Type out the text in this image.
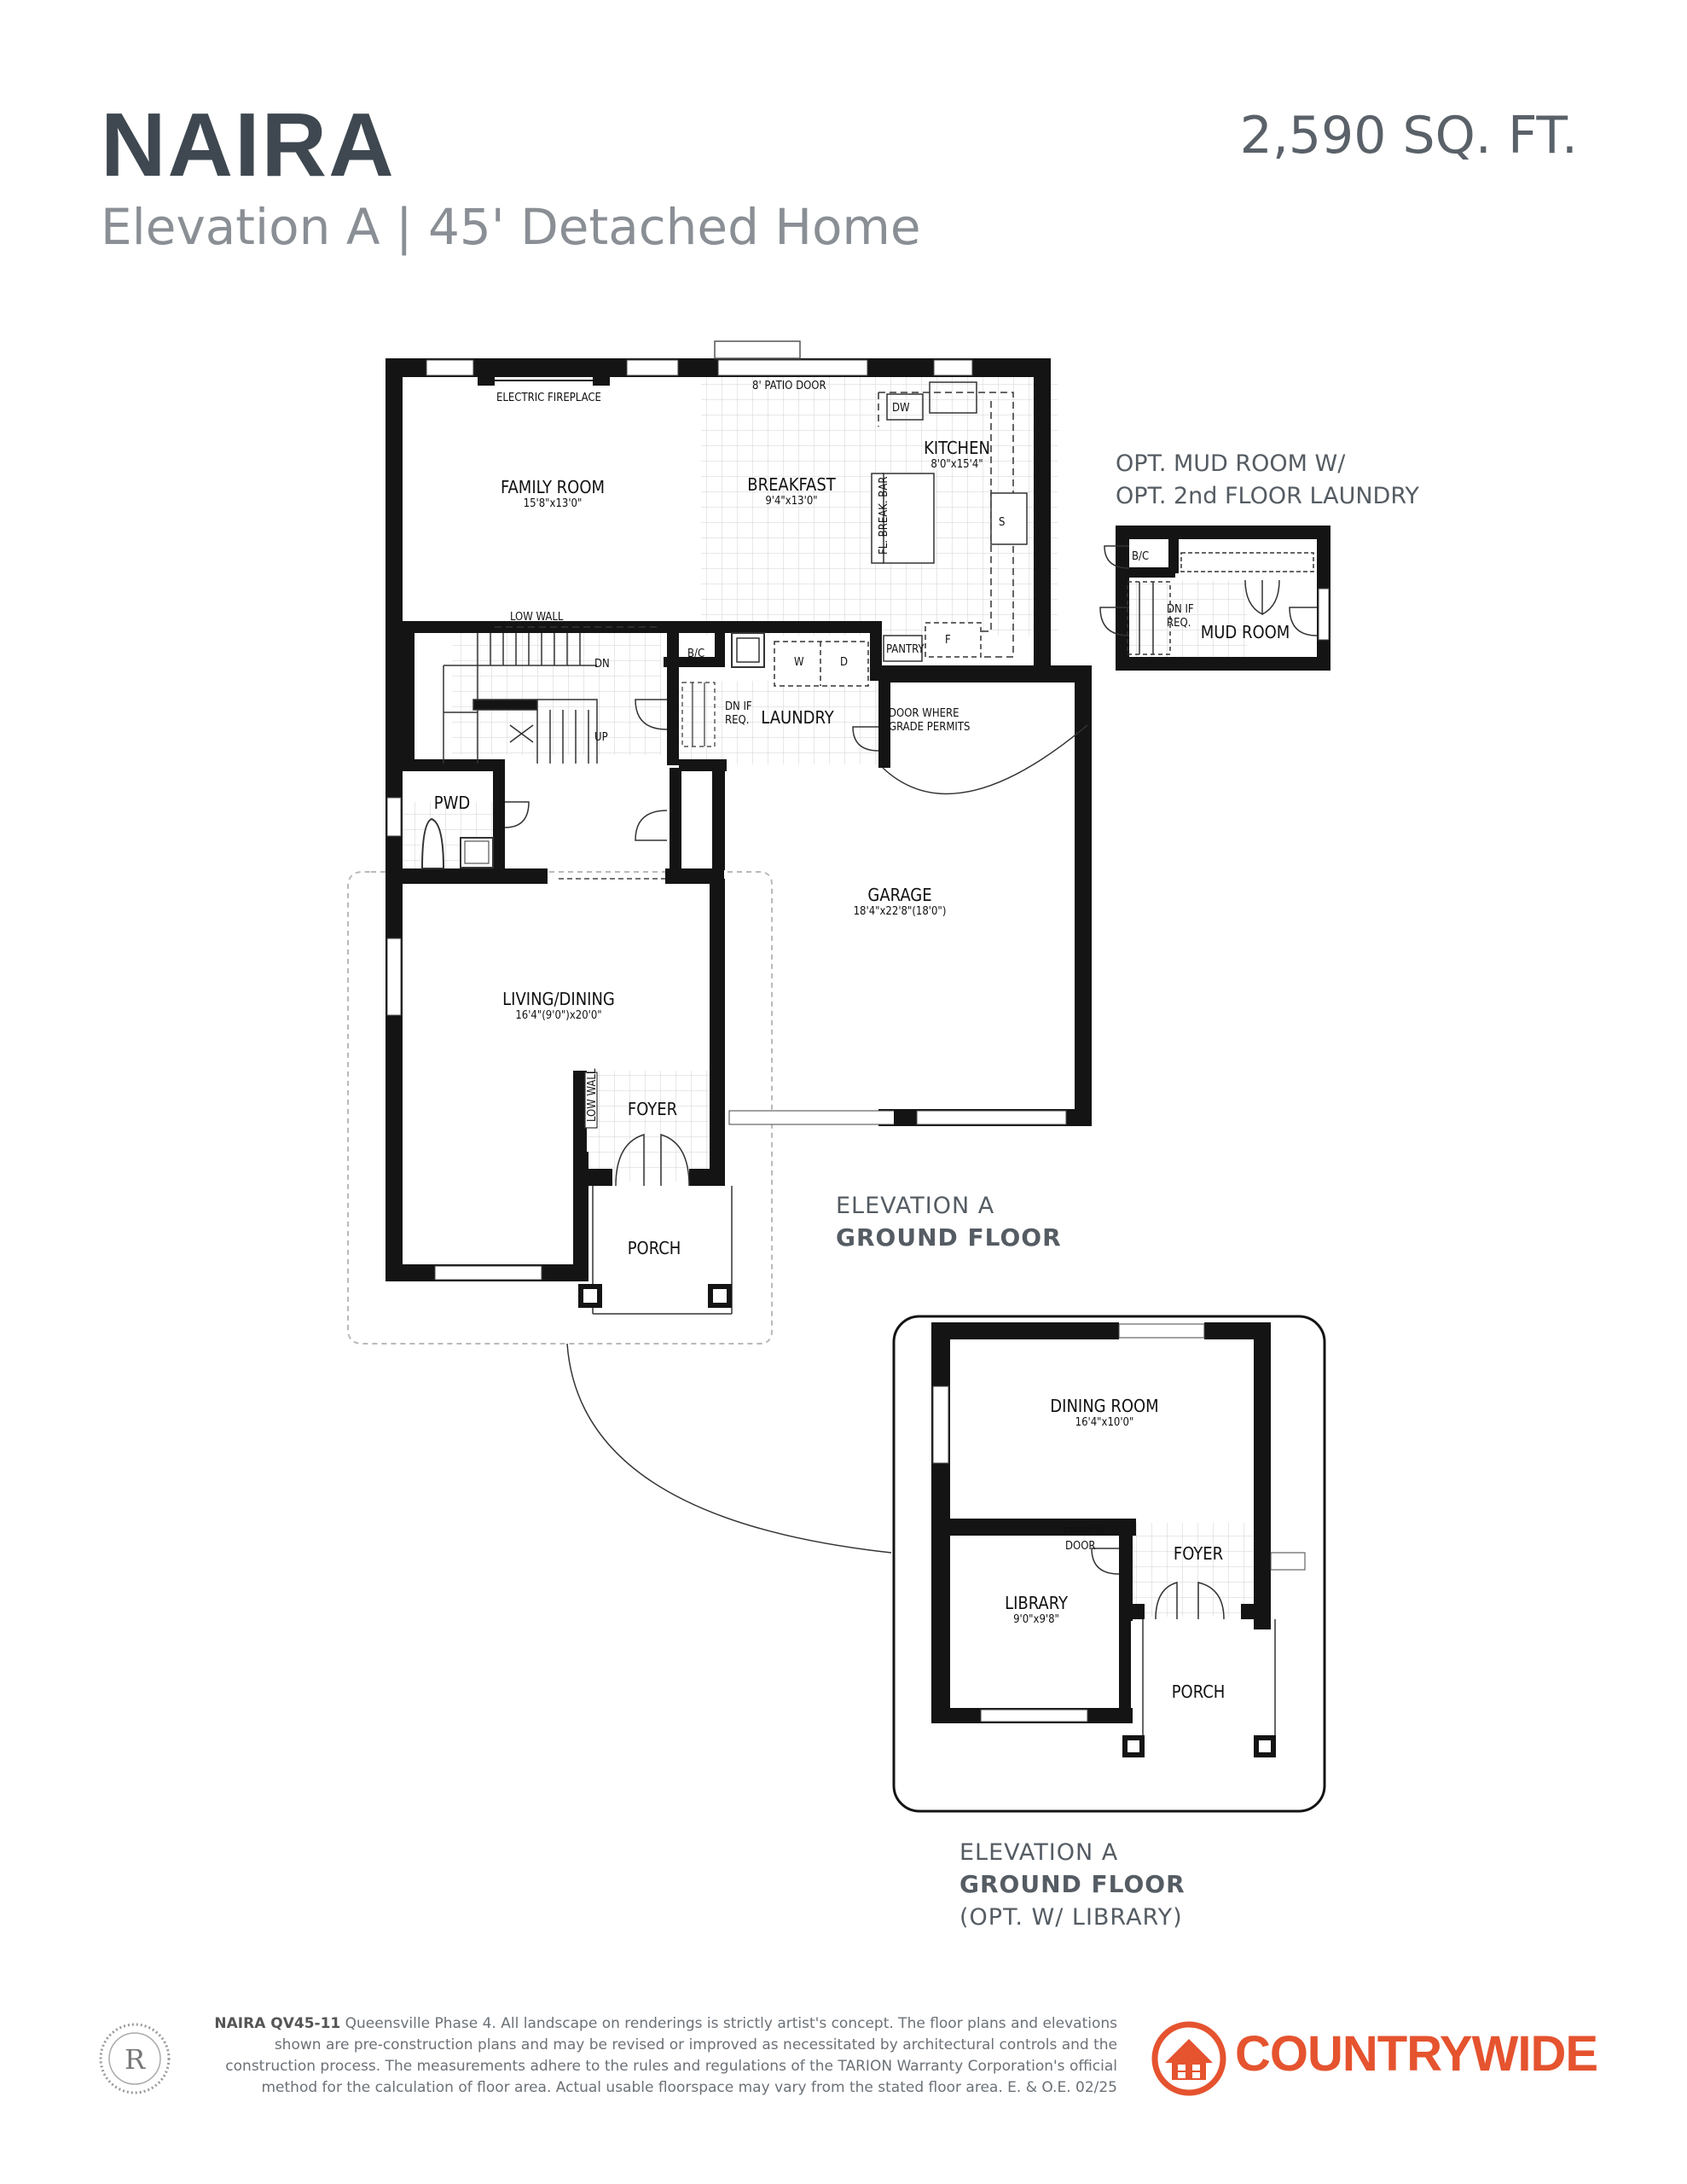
NAIRA
Elevation A | 45' Detached Home
2,590 SQ. FT.
ELECTRIC FIREPLACE
8' PATIO DOOR
DW
FAMILY ROOM
15'8"x13'0"
BREAKFAST
9'4"x13'0"
KITCHEN
8'0"x15'4"
FL. BREAK. BAR	S
F
PANTRY
LOW WALL
DN
UP
B/C
W	D
DN IF
REQ. LAUNDRY	DOOR WHERE
GRADE PERMITS
PWD
GARAGE
18'4"x22'8"(18'0")
LIVING/DINING
16'4"(9'0")x20'0"
LOW WALL FOYER
PORCH
ELEVATION A
GROUND FLOOR
OPT. MUD ROOM W/
OPT. 2nd FLOOR LAUNDRY
B/C
DN IF
REQ. MUD ROOM
DINING ROOM
16'4"x10'0"
FRENCH
DOOR	FOYER
LIBRARY
9'0"x9'8"
PORCH
ELEVATION A
GROUND FLOOR
(OPT. W/ LIBRARY)
R
NAIRA QV45-11 Queensville Phase 4. All landscape on renderings is strictly artist's concept. The floor plans and elevations shown are pre-construction plans and may be revised or improved as necessitated by architectural controls and the construction process. The measurements adhere to the rules and regulations of the TARION Warranty Corporation's official method for the calculation of floor area. Actual usable floorspace may vary from the stated floor area. E. & O.E. 02/25
COUNTRYWIDE
